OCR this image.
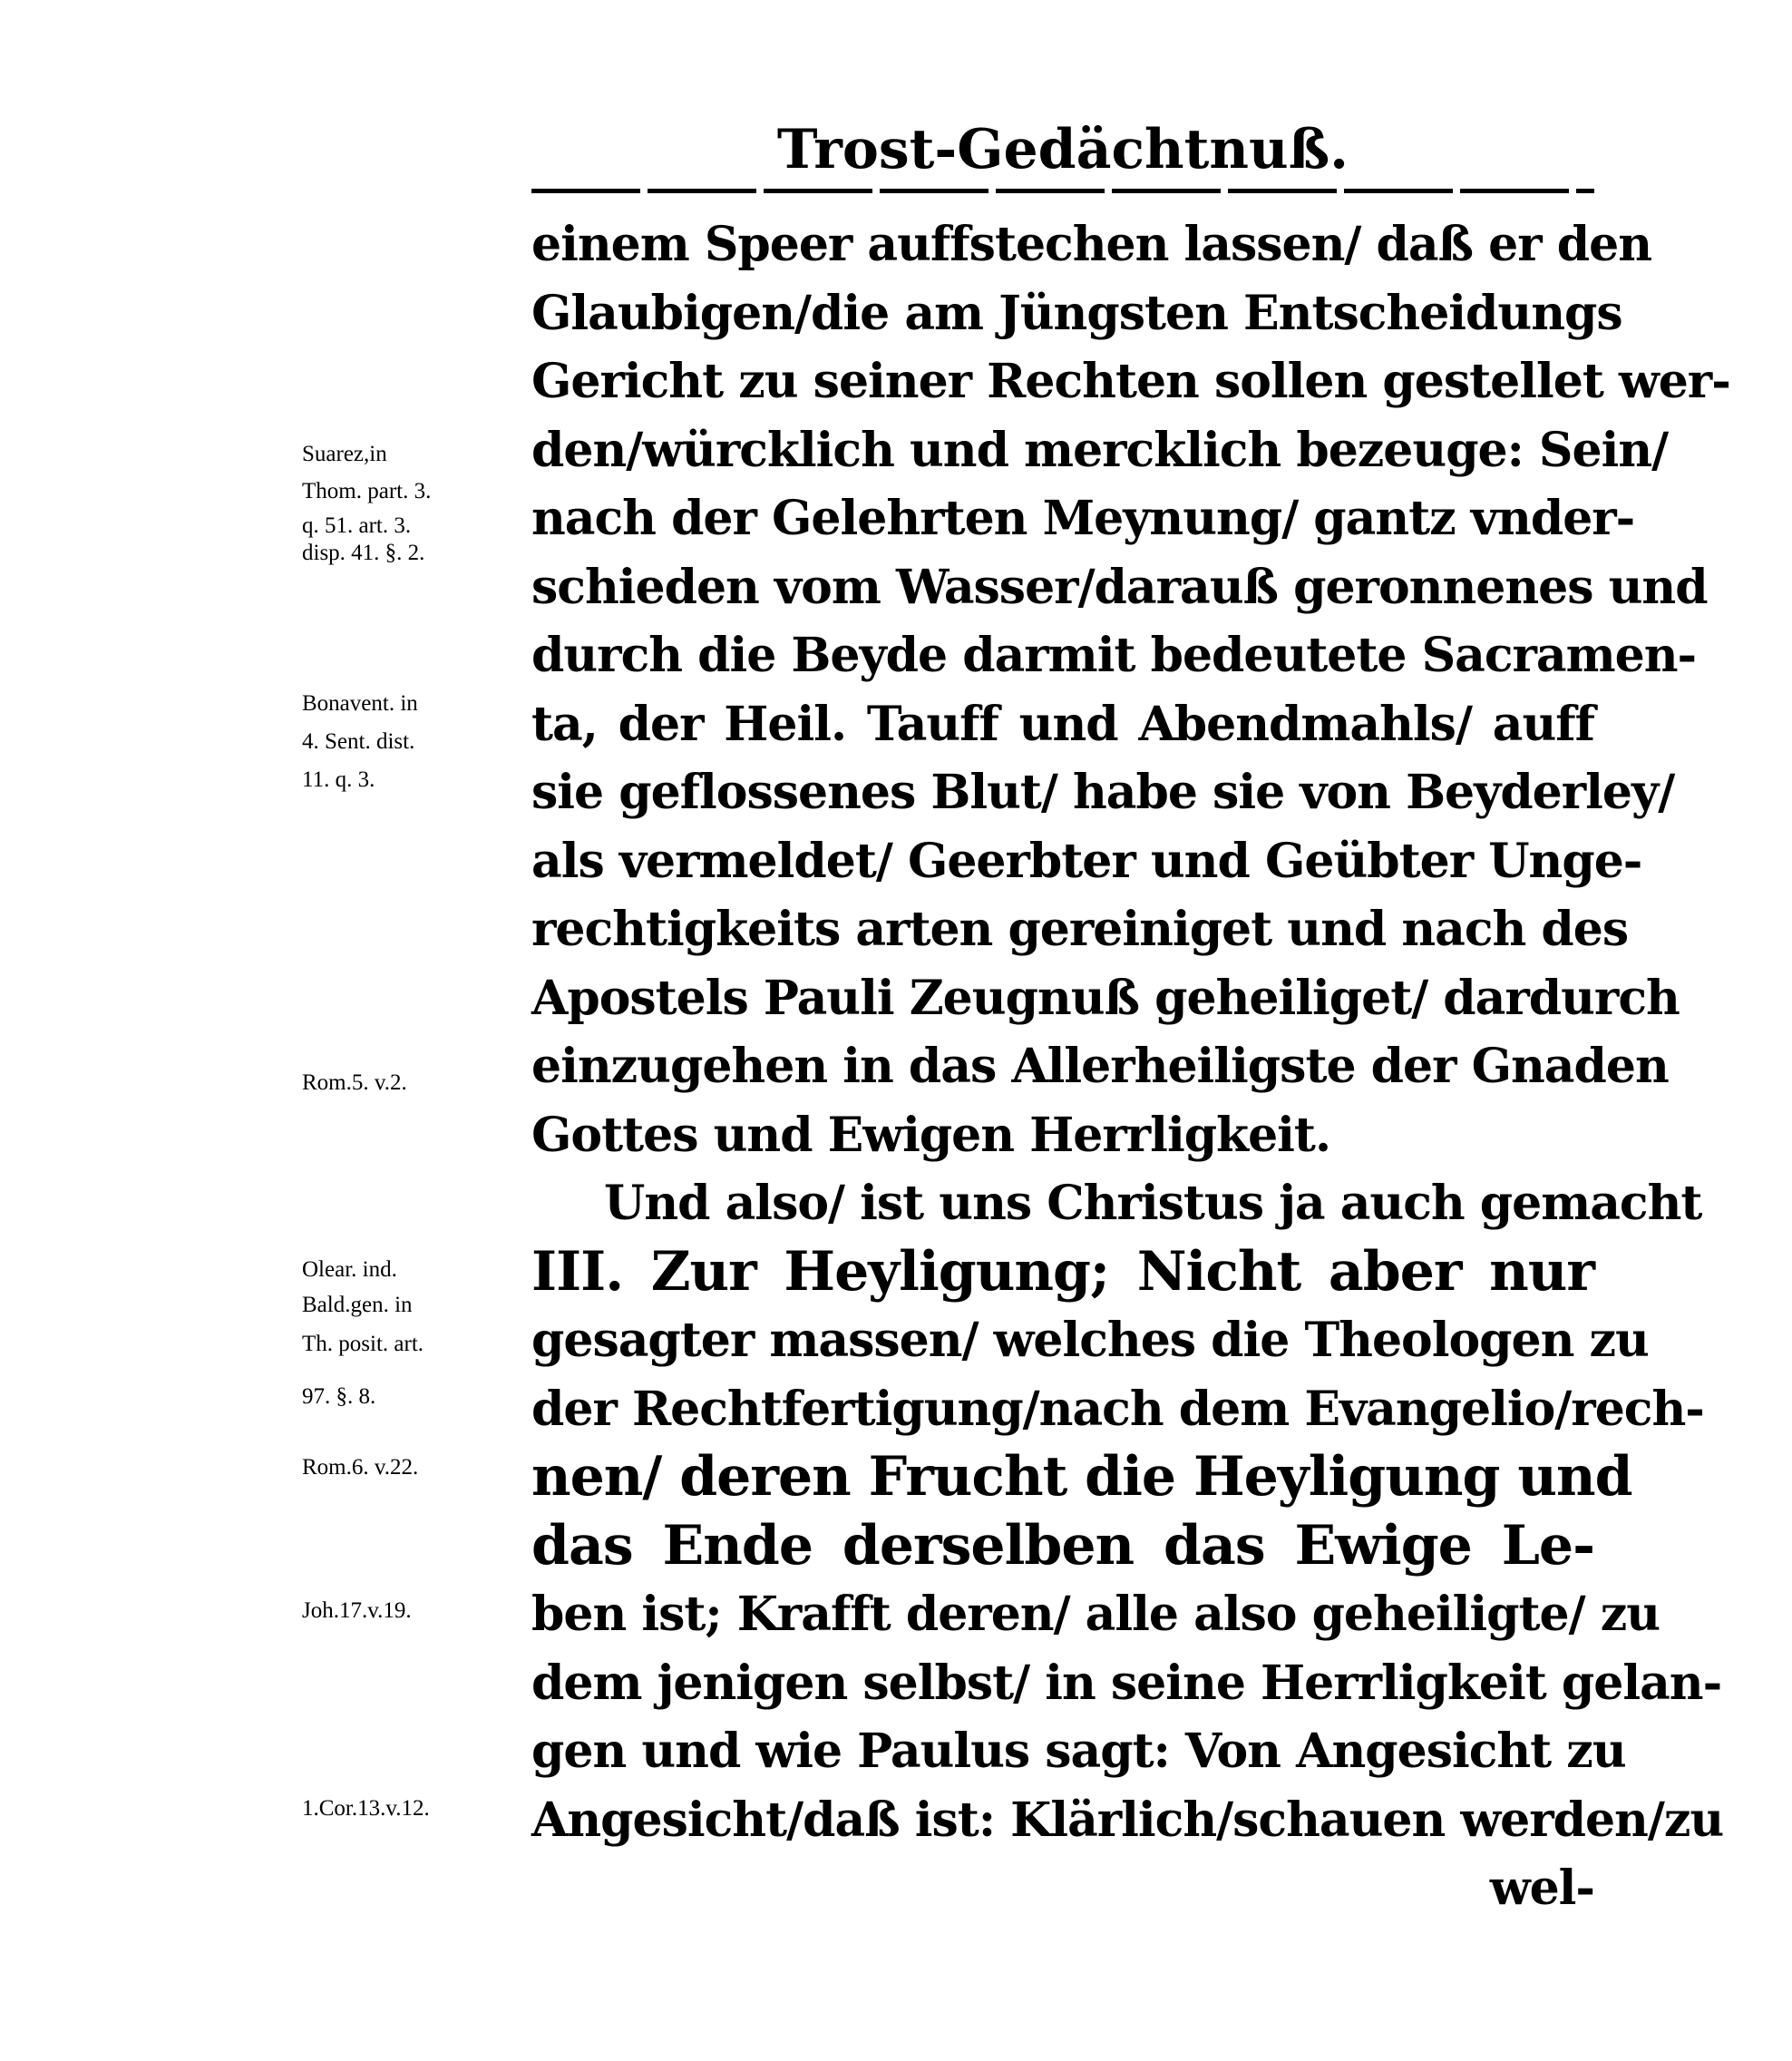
Trost-Gedächtnuß.
einem Speer auffstechen lassen/ daß er den
Glaubigen/die am Jüngsten Entscheidungs
Gericht zu seiner Rechten sollen gestellet wer-
den/würcklich und mercklich bezeuge: Sein/
nach der Gelehrten Meynung/ gantz vnder-
schieden vom Wasser/darauß geronnenes und
durch die Beyde darmit bedeutete Sacramen-
ta, der Heil. Tauff und Abendmahls/ auff
sie geflossenes Blut/ habe sie von Beyderley/
als vermeldet/ Geerbter und Geübter Unge-
rechtigkeits arten gereiniget und nach des
Apostels Pauli Zeugnuß geheiliget/ dardurch
einzugehen in das Allerheiligste der Gnaden
Gottes und Ewigen Herrligkeit.
Und also/ ist uns Christus ja auch gemacht
III. Zur Heyligung; Nicht aber nur
gesagter massen/ welches die Theologen zu
der Rechtfertigung/nach dem Evangelio/rech-
nen/ deren Frucht die Heyligung und
das Ende derselben das Ewige Le-
ben ist; Krafft deren/ alle also geheiligte/ zu
dem jenigen selbst/ in seine Herrligkeit gelan-
gen und wie Paulus sagt: Von Angesicht zu
Angesicht/daß ist: Klärlich/schauen werden/zu
wel-
Suarez,in
Thom. part. 3.
q. 51. art. 3.
disp. 41. §. 2.
Bonavent. in
4. Sent. dist.
11. q. 3.
Rom.5. v.2.
Olear. ind.
Bald.gen. in
Th. posit. art.
97. §. 8.
Rom.6. v.22.
Joh.17.v.19.
1.Cor.13.v.12.
